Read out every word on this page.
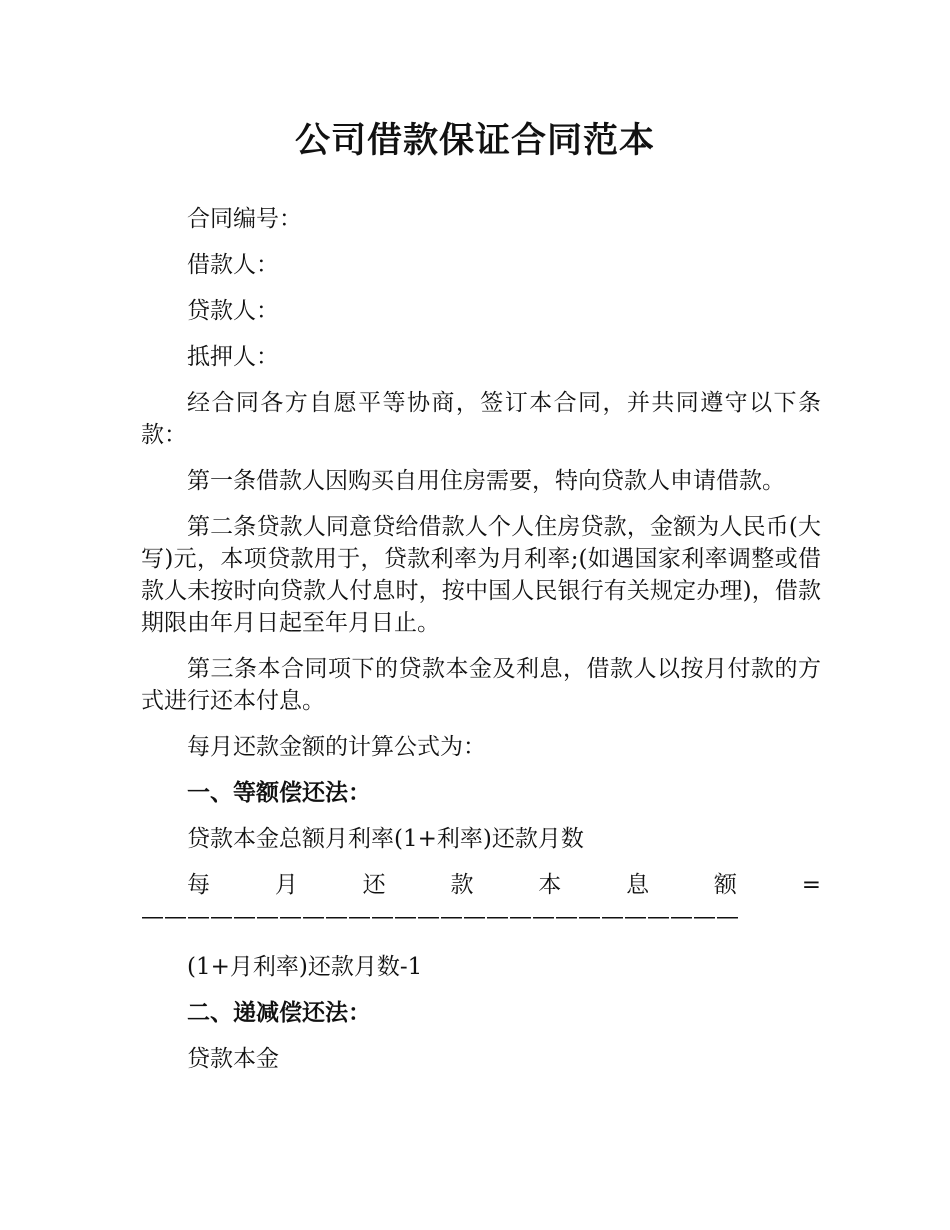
公司借款保证合同范本

合同编号：

借款人：

贷款人：

抵押人：

经合同各方自愿平等协商，签订本合同，并共同遵守以下条款：

第一条借款人因购买自用住房需要，特向贷款人申请借款。

第二条贷款人同意贷给借款人个人住房贷款，金额为人民币(大写)元，本项贷款用于，贷款利率为月利率;(如遇国家利率调整或借款人未按时向贷款人付息时，按中国人民银行有关规定办理)，借款期限由年月日起至年月日止。

第三条本合同项下的贷款本金及利息，借款人以按月付款的方式进行还本付息。

每月还款金额的计算公式为：

一、等额偿还法：

贷款本金总额月利率(1+利率)还款月数

每月还款本息额=——————————————————————————

(1+月利率)还款月数-1

二、递减偿还法：

贷款本金
